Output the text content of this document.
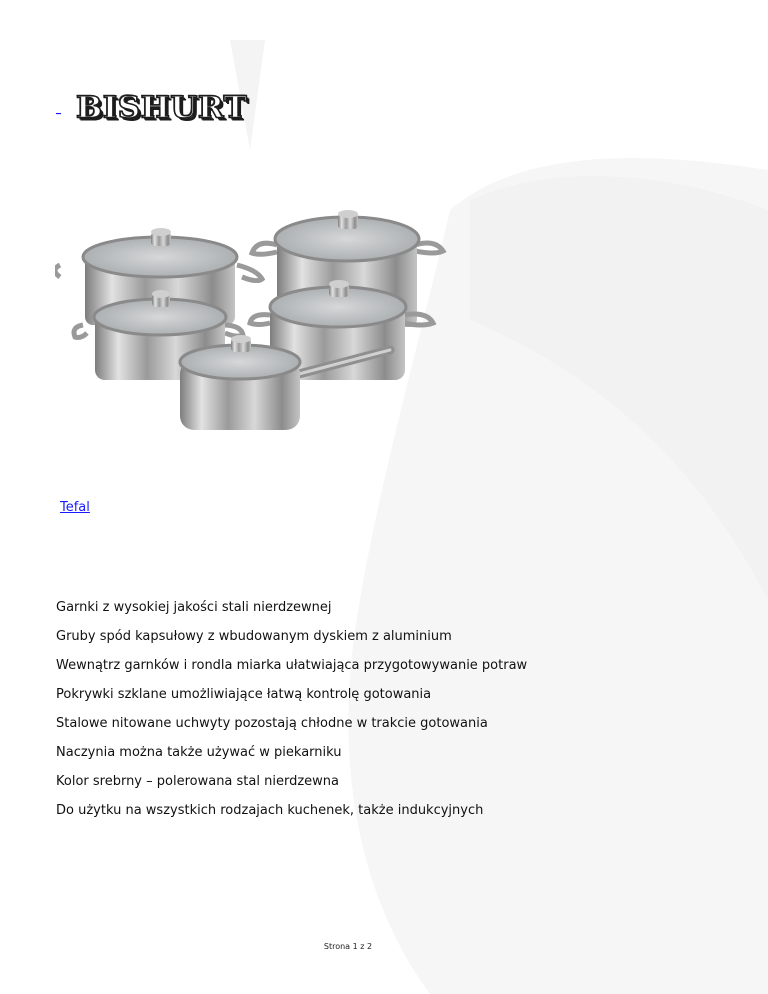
_ BISHURT
Tefal
Garnki z wysokiej jakości stali nierdzewnej
Gruby spód kapsułowy z wbudowanym dyskiem z aluminium
Wewnątrz garnków i rondla miarka ułatwiająca przygotowywanie potraw
Pokrywki szklane umożliwiające łatwą kontrolę gotowania
Stalowe nitowane uchwyty pozostają chłodne w trakcie gotowania
Naczynia można także używać w piekarniku
Kolor srebrny – polerowana stal nierdzewna
Do użytku na wszystkich rodzajach kuchenek, także indukcyjnych
Strona 1 z 2
